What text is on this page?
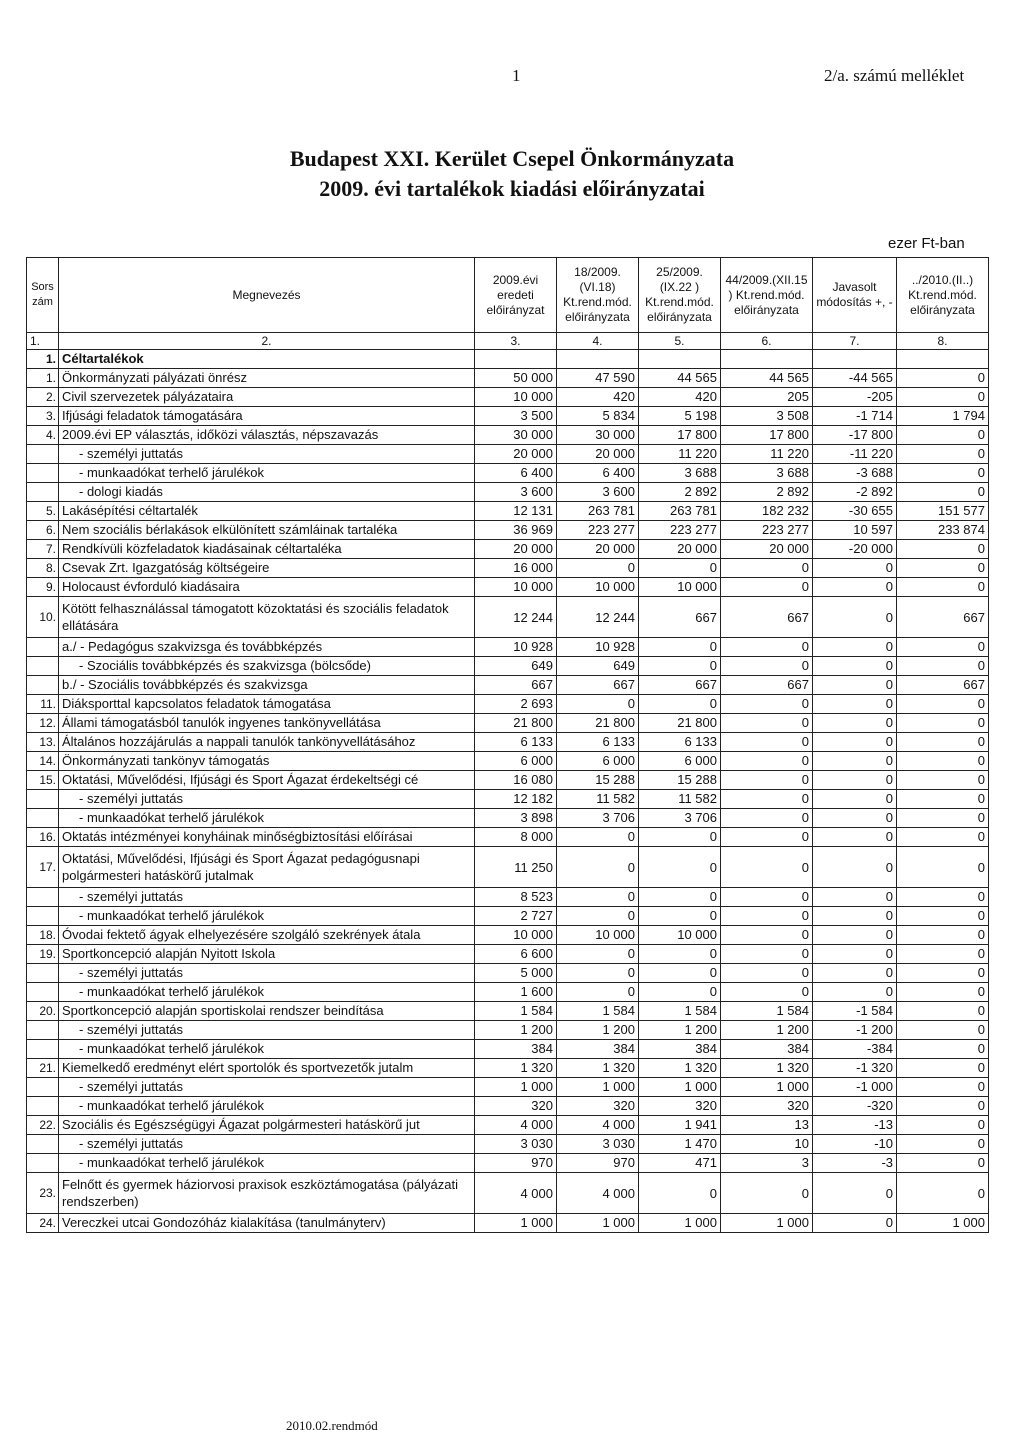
1	2/a. számú melléklet
Budapest XXI. Kerület Csepel Önkormányzata
2009. évi tartalékok kiadási előirányzatai
ezer Ft-ban
Sorszám	Megnevezés	2009.évi eredeti előirányzat	18/2009.(VI.18) Kt.rend.mód. előirányzata	25/2009.(IX.22 ) Kt.rend.mód. előirányzata	44/2009.(XII.15 ) Kt.rend.mód. előirányzata	Javasolt módosítás +, -	../2010.(II..) Kt.rend.mód. előirányzata
1.	2.	3.	4.	5.	6.	7.	8.
1.	Céltartalékok						
1.	Önkormányzati pályázati önrész	50 000	47 590	44 565	44 565	-44 565	0
2.	Civil szervezetek pályázataira	10 000	420	420	205	-205	0
3.	Ifjúsági feladatok támogatására	3 500	5 834	5 198	3 508	-1 714	1 794
4.	2009.évi EP választás, időközi választás, népszavazás	30 000	30 000	17 800	17 800	-17 800	0
	- személyi juttatás	20 000	20 000	11 220	11 220	-11 220	0
	- munkaadókat terhelő járulékok	6 400	6 400	3 688	3 688	-3 688	0
	- dologi kiadás	3 600	3 600	2 892	2 892	-2 892	0
5.	Lakásépítési céltartalék	12 131	263 781	263 781	182 232	-30 655	151 577
6.	Nem szociális bérlakások elkülönített számláinak tartaléka	36 969	223 277	223 277	223 277	10 597	233 874
7.	Rendkívüli közfeladatok kiadásainak céltartaléka	20 000	20 000	20 000	20 000	-20 000	0
8.	Csevak Zrt. Igazgatóság költségeire	16 000	0	0	0	0	0
9.	Holocaust évforduló kiadásaira	10 000	10 000	10 000	0	0	0
10.	Kötött felhasználással támogatott közoktatási és szociális feladatok ellátására	12 244	12 244	667	667	0	667
	a./ - Pedagógus szakvizsga és továbbképzés	10 928	10 928	0	0	0	0
	- Szociális továbbképzés és szakvizsga (bölcsőde)	649	649	0	0	0	0
	b./ - Szociális továbbképzés és szakvizsga	667	667	667	667	0	667
11.	Diáksporttal kapcsolatos feladatok támogatása	2 693	0	0	0	0	0
12.	Állami támogatásból tanulók ingyenes tankönyvellátása	21 800	21 800	21 800	0	0	0
13.	Általános hozzájárulás a nappali tanulók tankönyvellátásához	6 133	6 133	6 133	0	0	0
14.	Önkormányzati tankönyv támogatás	6 000	6 000	6 000	0	0	0
15.	Oktatási, Művelődési, Ifjúsági és Sport Ágazat érdekeltségi cé	16 080	15 288	15 288	0	0	0
	- személyi juttatás	12 182	11 582	11 582	0	0	0
	- munkaadókat terhelő járulékok	3 898	3 706	3 706	0	0	0
16.	Oktatás intézményei konyháinak minőségbiztosítási előírásai	8 000	0	0	0	0	0
17.	Oktatási, Művelődési, Ifjúsági és Sport Ágazat pedagógusnapi polgármesteri hatáskörű jutalmak	11 250	0	0	0	0	0
	- személyi juttatás	8 523	0	0	0	0	0
	- munkaadókat terhelő járulékok	2 727	0	0	0	0	0
18.	Óvodai fektető ágyak elhelyezésére szolgáló szekrények átala	10 000	10 000	10 000	0	0	0
19.	Sportkoncepció alapján Nyitott Iskola	6 600	0	0	0	0	0
	- személyi juttatás	5 000	0	0	0	0	0
	- munkaadókat terhelő járulékok	1 600	0	0	0	0	0
20.	Sportkoncepció alapján sportiskolai rendszer beindítása	1 584	1 584	1 584	1 584	-1 584	0
	- személyi juttatás	1 200	1 200	1 200	1 200	-1 200	0
	- munkaadókat terhelő járulékok	384	384	384	384	-384	0
21.	Kiemelkedő eredményt elért sportolók és sportvezetők jutalm	1 320	1 320	1 320	1 320	-1 320	0
	- személyi juttatás	1 000	1 000	1 000	1 000	-1 000	0
	- munkaadókat terhelő járulékok	320	320	320	320	-320	0
22.	Szociális és Egészségügyi Ágazat polgármesteri hatáskörű jut	4 000	4 000	1 941	13	-13	0
	- személyi juttatás	3 030	3 030	1 470	10	-10	0
	- munkaadókat terhelő járulékok	970	970	471	3	-3	0
23.	Felnőtt és gyermek háziorvosi praxisok eszköztámogatása (pályázati rendszerben)	4 000	4 000	0	0	0	0
24.	Vereczkei utcai Gondozóház kialakítása (tanulmányterv)	1 000	1 000	1 000	1 000	0	1 000
2010.02.rendmód
